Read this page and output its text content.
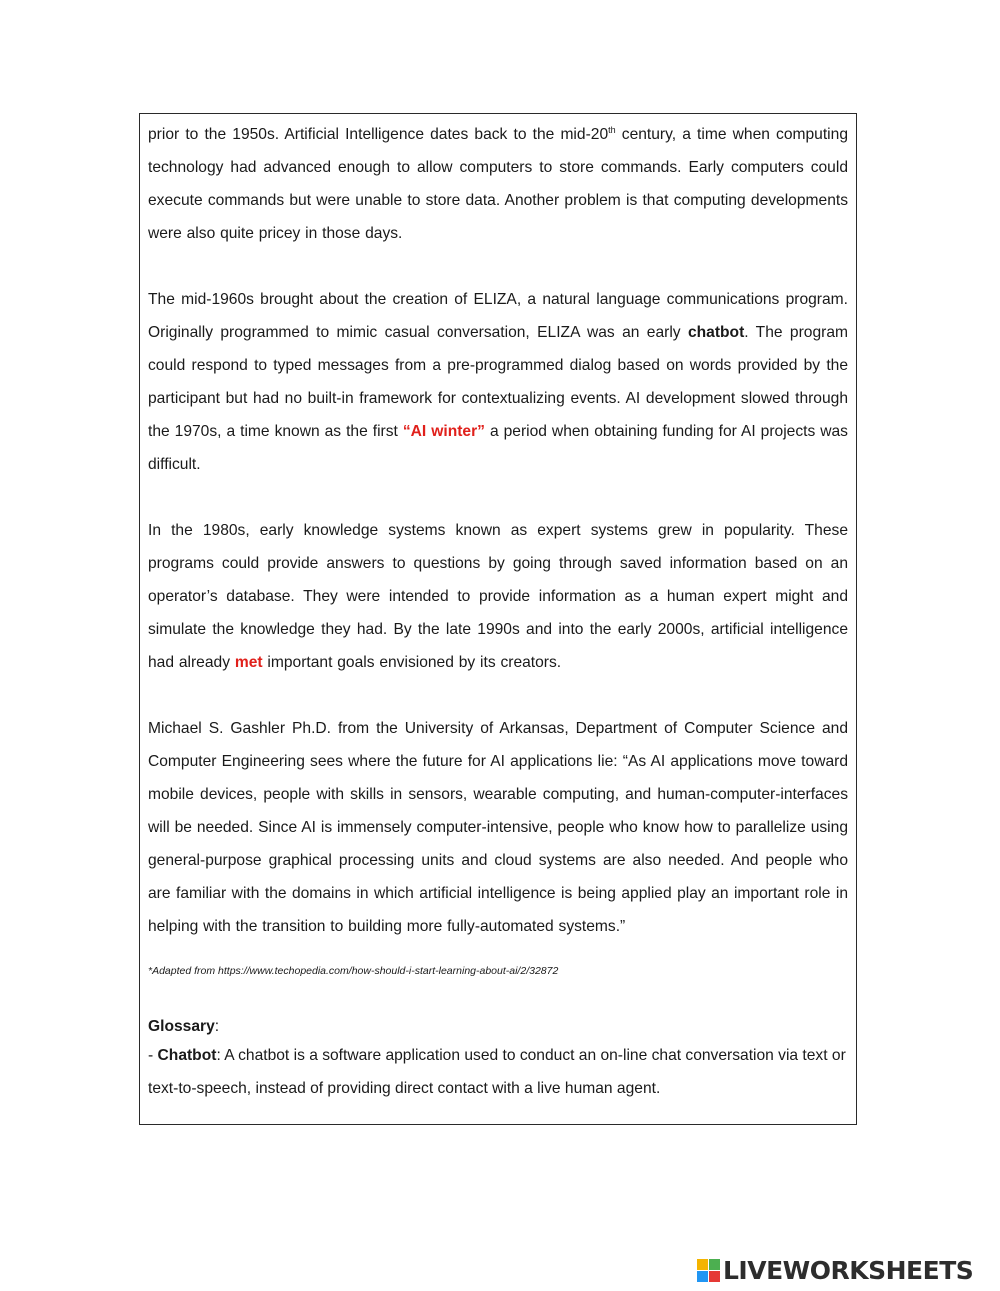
prior to the 1950s. Artificial Intelligence dates back to the mid-20th century, a time when computing technology had advanced enough to allow computers to store commands. Early computers could execute commands but were unable to store data. Another problem is that computing developments were also quite pricey in those days.

The mid-1960s brought about the creation of ELIZA, a natural language communications program. Originally programmed to mimic casual conversation, ELIZA was an early chatbot. The program could respond to typed messages from a pre-programmed dialog based on words provided by the participant but had no built-in framework for contextualizing events. AI development slowed through the 1970s, a time known as the first “AI winter” a period when obtaining funding for AI projects was difficult.

In the 1980s, early knowledge systems known as expert systems grew in popularity. These programs could provide answers to questions by going through saved information based on an operator’s database. They were intended to provide information as a human expert might and simulate the knowledge they had. By the late 1990s and into the early 2000s, artificial intelligence had already met important goals envisioned by its creators.

Michael S. Gashler Ph.D. from the University of Arkansas, Department of Computer Science and Computer Engineering sees where the future for AI applications lie: “As AI applications move toward mobile devices, people with skills in sensors, wearable computing, and human-computer-interfaces will be needed. Since AI is immensely computer-intensive, people who know how to parallelize using general-purpose graphical processing units and cloud systems are also needed. And people who are familiar with the domains in which artificial intelligence is being applied play an important role in helping with the transition to building more fully-automated systems.”

*Adapted from https://www.techopedia.com/how-should-i-start-learning-about-ai/2/32872

Glossary:

- Chatbot: A chatbot is a software application used to conduct an on-line chat conversation via text or text-to-speech, instead of providing direct contact with a live human agent.

LIVEWORKSHEETS
